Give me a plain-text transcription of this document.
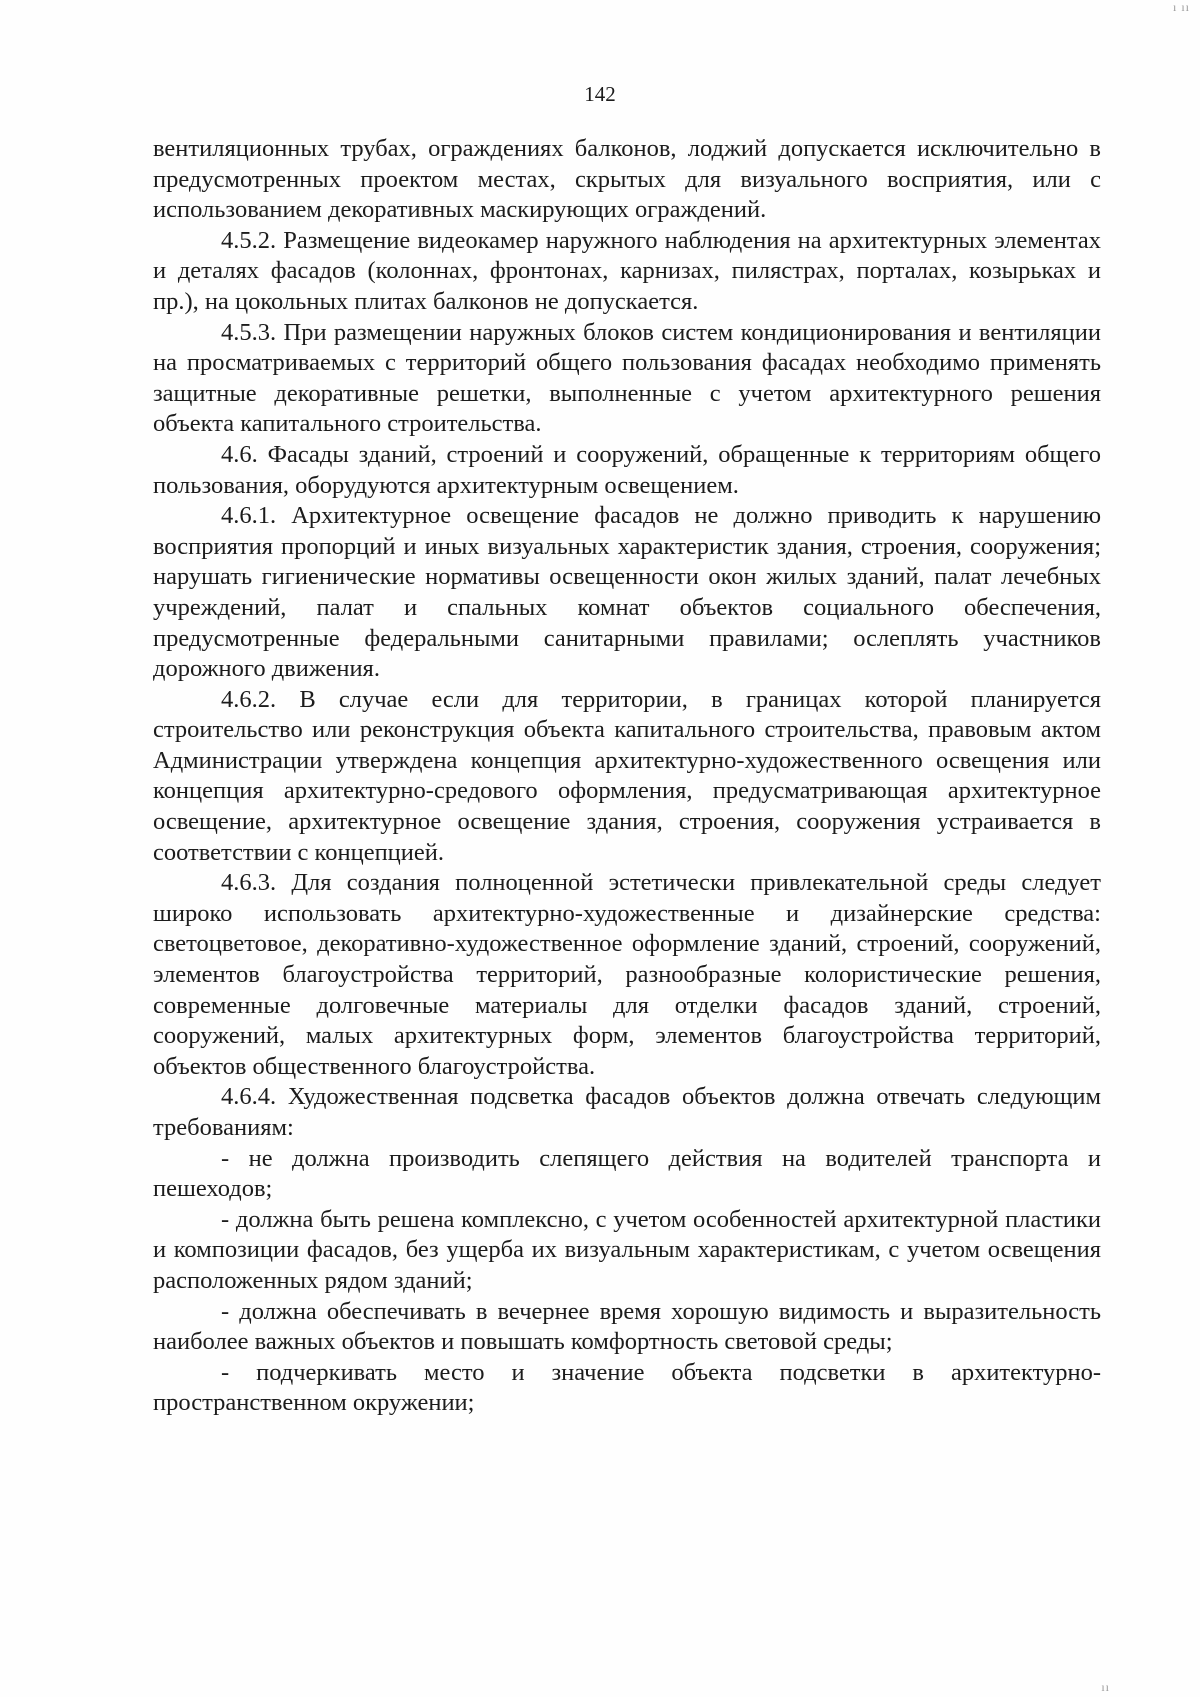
142

вентиляционных трубах, ограждениях балконов, лоджий допускается исключительно в предусмотренных проектом местах, скрытых для визуального восприятия, или с использованием декоративных маскирующих ограждений.

4.5.2. Размещение видеокамер наружного наблюдения на архитектурных элементах и деталях фасадов (колоннах, фронтонах, карнизах, пилястрах, порталах, козырьках и пр.), на цокольных плитах балконов не допускается.

4.5.3. При размещении наружных блоков систем кондиционирования и вентиляции на просматриваемых с территорий общего пользования фасадах необходимо применять защитные декоративные решетки, выполненные с учетом архитектурного решения объекта капитального строительства.

4.6. Фасады зданий, строений и сооружений, обращенные к территориям общего пользования, оборудуются архитектурным освещением.

4.6.1. Архитектурное освещение фасадов не должно приводить к нарушению восприятия пропорций и иных визуальных характеристик здания, строения, сооружения; нарушать гигиенические нормативы освещенности окон жилых зданий, палат лечебных учреждений, палат и спальных комнат объектов социального обеспечения, предусмотренные федеральными санитарными правилами; ослеплять участников дорожного движения.

4.6.2. В случае если для территории, в границах которой планируется строительство или реконструкция объекта капитального строительства, правовым актом Администрации утверждена концепция архитектурно-художественного освещения или концепция архитектурно-средового оформления, предусматривающая архитектурное освещение, архитектурное освещение здания, строения, сооружения устраивается в соответствии с концепцией.

4.6.3. Для создания полноценной эстетически привлекательной среды следует широко использовать архитектурно-художественные и дизайнерские средства: светоцветовое, декоративно-художественное оформление зданий, строений, сооружений, элементов благоустройства территорий, разнообразные колористические решения, современные долговечные материалы для отделки фасадов зданий, строений, сооружений, малых архитектурных форм, элементов благоустройства территорий, объектов общественного благоустройства.

4.6.4. Художественная подсветка фасадов объектов должна отвечать следующим требованиям:

- не должна производить слепящего действия на водителей транспорта и пешеходов;

- должна быть решена комплексно, с учетом особенностей архитектурной пластики и композиции фасадов, без ущерба их визуальным характеристикам, с учетом освещения расположенных рядом зданий;

- должна обеспечивать в вечернее время хорошую видимость и выразительность наиболее важных объектов и повышать комфортность световой среды;

- подчеркивать место и значение объекта подсветки в архитектурно-пространственном окружении;

ı ıı
ıı
